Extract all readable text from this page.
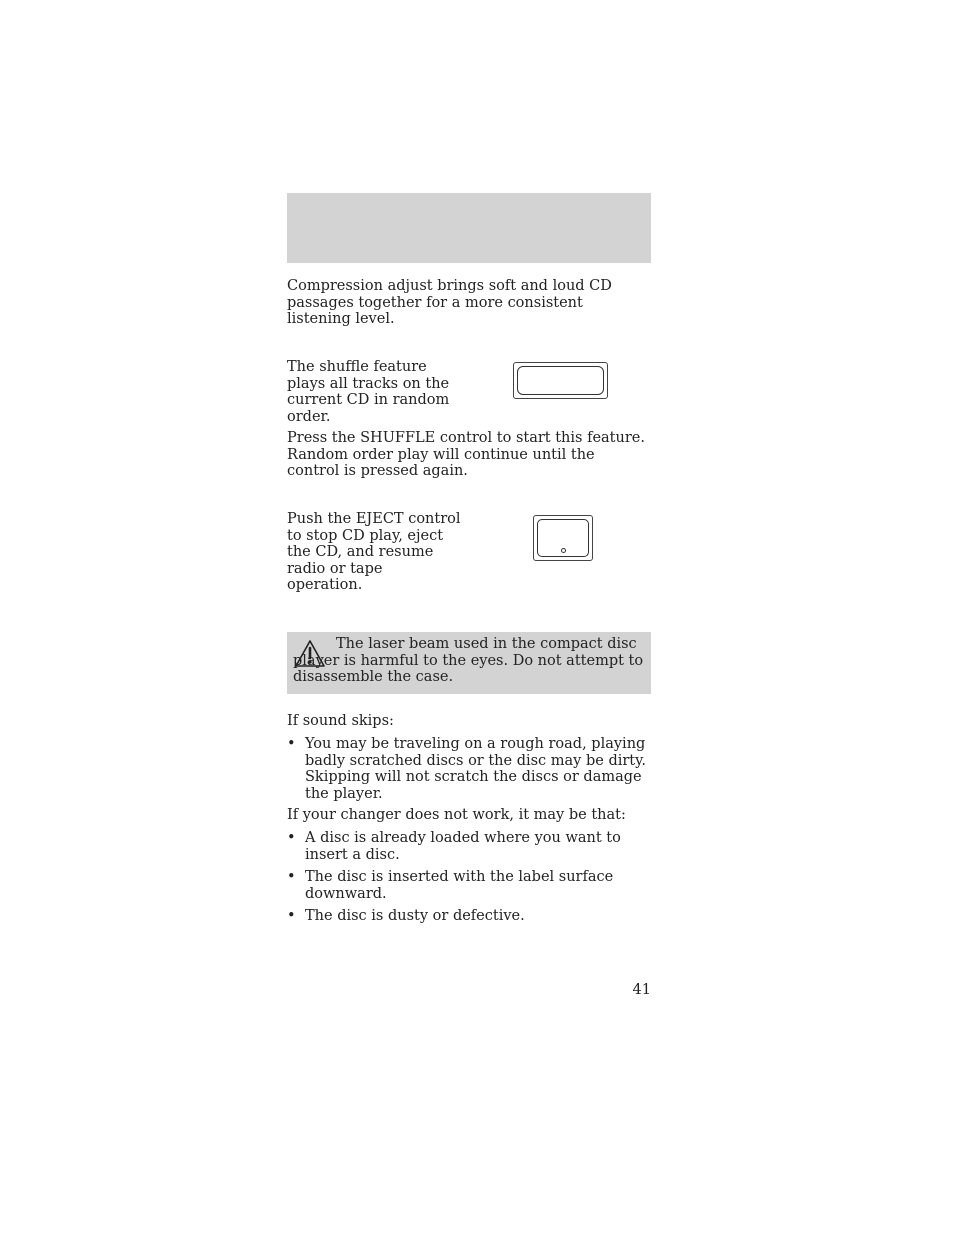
Compression adjust brings soft and loud CD passages together for a more consistent listening level.
The shuffle feature plays all tracks on the current CD in random order.
Press the SHUFFLE control to start this feature. Random order play will continue until the control is pressed again.
Push the EJECT control to stop CD play, eject the CD, and resume radio or tape operation.
The laser beam used in the compact disc player is harmful to the eyes. Do not attempt to disassemble the case.
If sound skips:
• You may be traveling on a rough road, playing badly scratched discs or the disc may be dirty. Skipping will not scratch the discs or damage the player.
If your changer does not work, it may be that:
• A disc is already loaded where you want to insert a disc.
• The disc is inserted with the label surface downward.
• The disc is dusty or defective.
41
